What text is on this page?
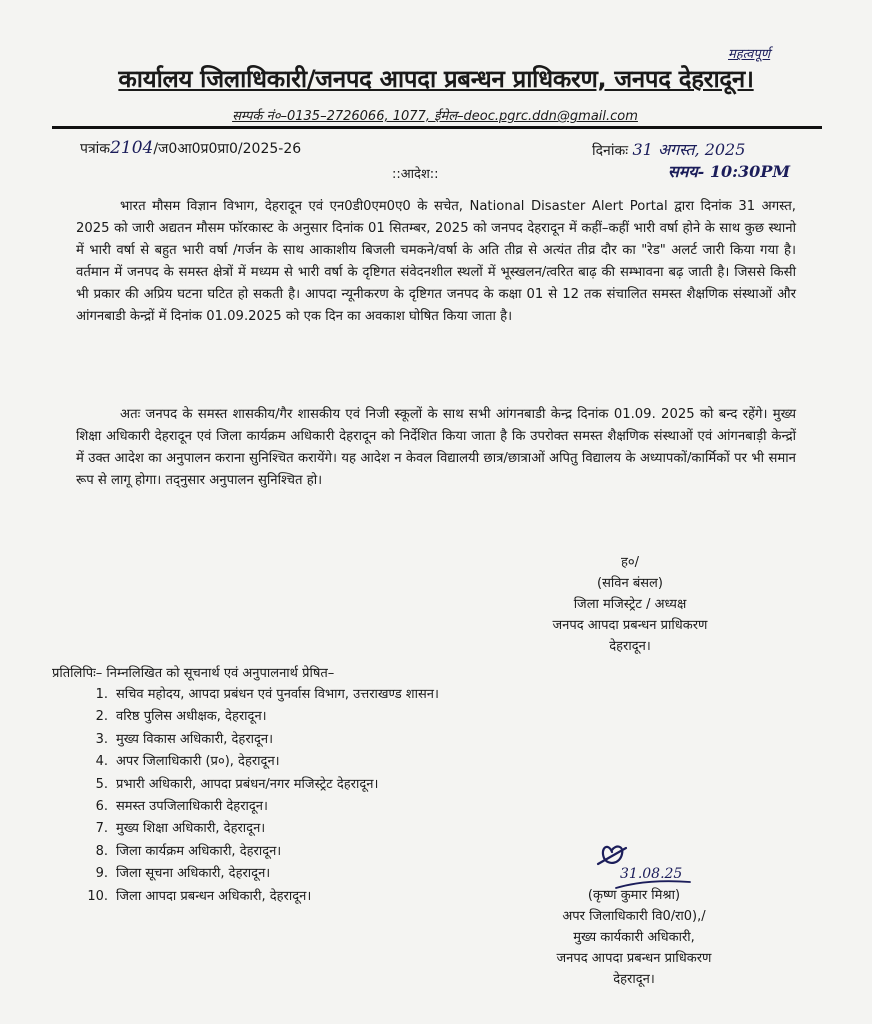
महत्वपूर्ण
कार्यालय जिलाधिकारी/जनपद आपदा प्रबन्धन प्राधिकरण, जनपद देहरादून।
सम्पर्क नं०–0135–2726066, 1077, ईमेल–deoc.pgrc.ddn@gmail.com
पत्रांक2104/ज0आ0प्र0प्रा0/2025-26	दिनांकः 31 अगस्त, 2025
::आदेश::	समय- 10:30PM

भारत मौसम विज्ञान विभाग, देहरादून एवं एन0डी0एम0ए0 के सचेत, National Disaster Alert Portal द्वारा दिनांक 31 अगस्त, 2025 को जारी अद्यतन मौसम फॉरकास्ट के अनुसार दिनांक 01 सितम्बर, 2025 को जनपद देहरादून में कहीं–कहीं भारी वर्षा होने के साथ कुछ स्थानो में भारी वर्षा से बहुत भारी वर्षा /गर्जन के साथ आकाशीय बिजली चमकने/वर्षा के अति तीव्र से अत्यंत तीव्र दौर का "रेड" अलर्ट जारी किया गया है। वर्तमान में जनपद के समस्त क्षेत्रों में मध्यम से भारी वर्षा के दृष्टिगत संवेदनशील स्थलों में भूस्खलन/त्वरित बाढ़ की सम्भावना बढ़ जाती है। जिससे किसी भी प्रकार की अप्रिय घटना घटित हो सकती है। आपदा न्यूनीकरण के दृष्टिगत जनपद के कक्षा 01 से 12 तक संचालित समस्त शैक्षणिक संस्थाओं और आंगनबाडी केन्द्रों में दिनांक 01.09.2025 को एक दिन का अवकाश घोषित किया जाता है।

अतः जनपद के समस्त शासकीय/गैर शासकीय एवं निजी स्कूलों के साथ सभी आंगनबाडी केन्द्र दिनांक 01.09. 2025 को बन्द रहेंगे। मुख्य शिक्षा अधिकारी देहरादून एवं जिला कार्यक्रम अधिकारी देहरादून को निर्देशित किया जाता है कि उपरोक्त समस्त शैक्षणिक संस्थाओं एवं आंगनबाड़ी केन्द्रों में उक्त आदेश का अनुपालन कराना सुनिश्चित करायेंगे। यह आदेश न केवल विद्यालयी छात्र/छात्राओं अपितु विद्यालय के अध्यापकों/कार्मिकों पर भी समान रूप से लागू होगा। तद्नुसार अनुपालन सुनिश्चित हो।

ह०/
(सविन बंसल)
जिला मजिस्ट्रेट / अध्यक्ष
जनपद आपदा प्रबन्धन प्राधिकरण
देहरादून।
प्रतिलिपिः– निम्नलिखित को सूचनार्थ एवं अनुपालनार्थ प्रेषित–
1. सचिव महोदय, आपदा प्रबंधन एवं पुनर्वास विभाग, उत्तराखण्ड शासन।
2. वरिष्ठ पुलिस अधीक्षक, देहरादून।
3. मुख्य विकास अधिकारी, देहरादून।
4. अपर जिलाधिकारी (प्र०), देहरादून।
5. प्रभारी अधिकारी, आपदा प्रबंधन/नगर मजिस्ट्रेट देहरादून।
6. समस्त उपजिलाधिकारी देहरादून।
7. मुख्य शिक्षा अधिकारी, देहरादून।
8. जिला कार्यक्रम अधिकारी, देहरादून।
9. जिला सूचना अधिकारी, देहरादून।
10. जिला आपदा प्रबन्धन अधिकारी, देहरादून।
31.08.25
(कृष्ण कुमार मिश्रा)
अपर जिलाधिकारी वि0/रा0),/
मुख्य कार्यकारी अधिकारी,
जनपद आपदा प्रबन्धन प्राधिकरण
देहरादून।
